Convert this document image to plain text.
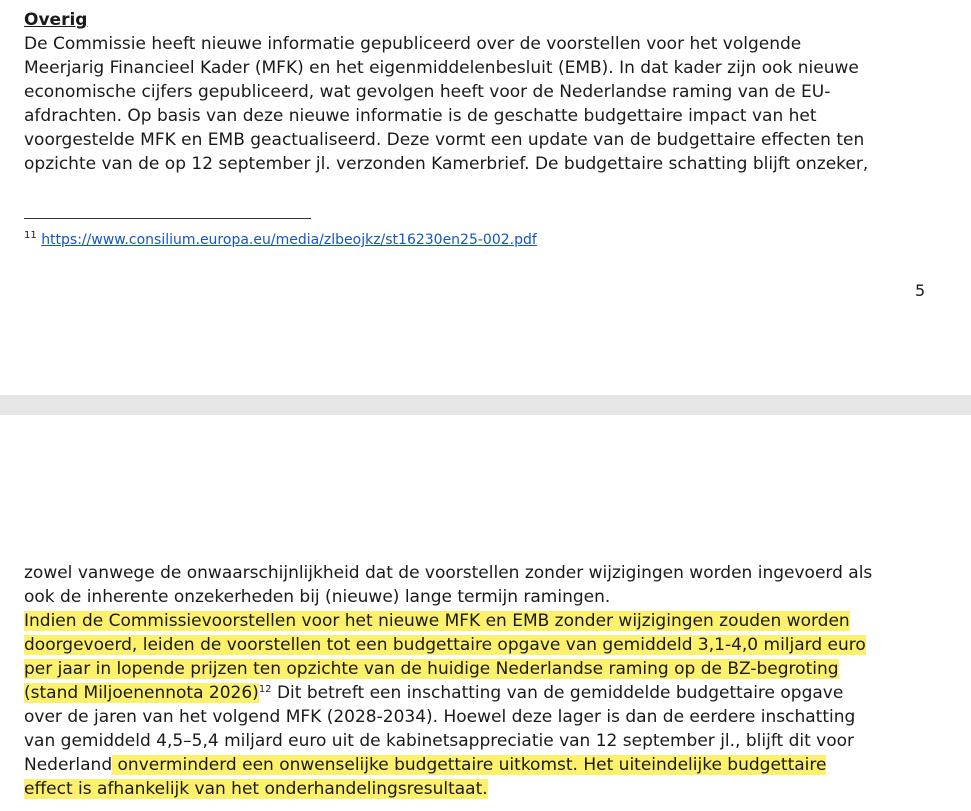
Overig
De Commissie heeft nieuwe informatie gepubliceerd over de voorstellen voor het volgende
Meerjarig Financieel Kader (MFK) en het eigenmiddelenbesluit (EMB). In dat kader zijn ook nieuwe
economische cijfers gepubliceerd, wat gevolgen heeft voor de Nederlandse raming van de EU-
afdrachten. Op basis van deze nieuwe informatie is de geschatte budgettaire impact van het
voorgestelde MFK en EMB geactualiseerd. Deze vormt een update van de budgettaire effecten ten
opzichte van de op 12 september jl. verzonden Kamerbrief. De budgettaire schatting blijft onzeker,
$^{11}$ https://www.consilium.europa.eu/media/zlbeojkz/st16230en25-002.pdf
5
zowel vanwege de onwaarschijnlijkheid dat de voorstellen zonder wijzigingen worden ingevoerd als
ook de inherente onzekerheden bij (nieuwe) lange termijn ramingen.
Indien de Commissievoorstellen voor het nieuwe MFK en EMB zonder wijzigingen zouden worden
doorgevoerd, leiden de voorstellen tot een budgettaire opgave van gemiddeld 3,1-4,0 miljard euro
per jaar in lopende prijzen ten opzichte van de huidige Nederlandse raming op de BZ-begroting
(stand Miljoenennota 2026)$^{12}$ Dit betreft een inschatting van de gemiddelde budgettaire opgave
over de jaren van het volgend MFK (2028-2034). Hoewel deze lager is dan de eerdere inschatting
van gemiddeld 4,5–5,4 miljard euro uit de kabinetsappreciatie van 12 september jl., blijft dit voor
Nederland onverminderd een onwenselijke budgettaire uitkomst. Het uiteindelijke budgettaire
effect is afhankelijk van het onderhandelingsresultaat.
